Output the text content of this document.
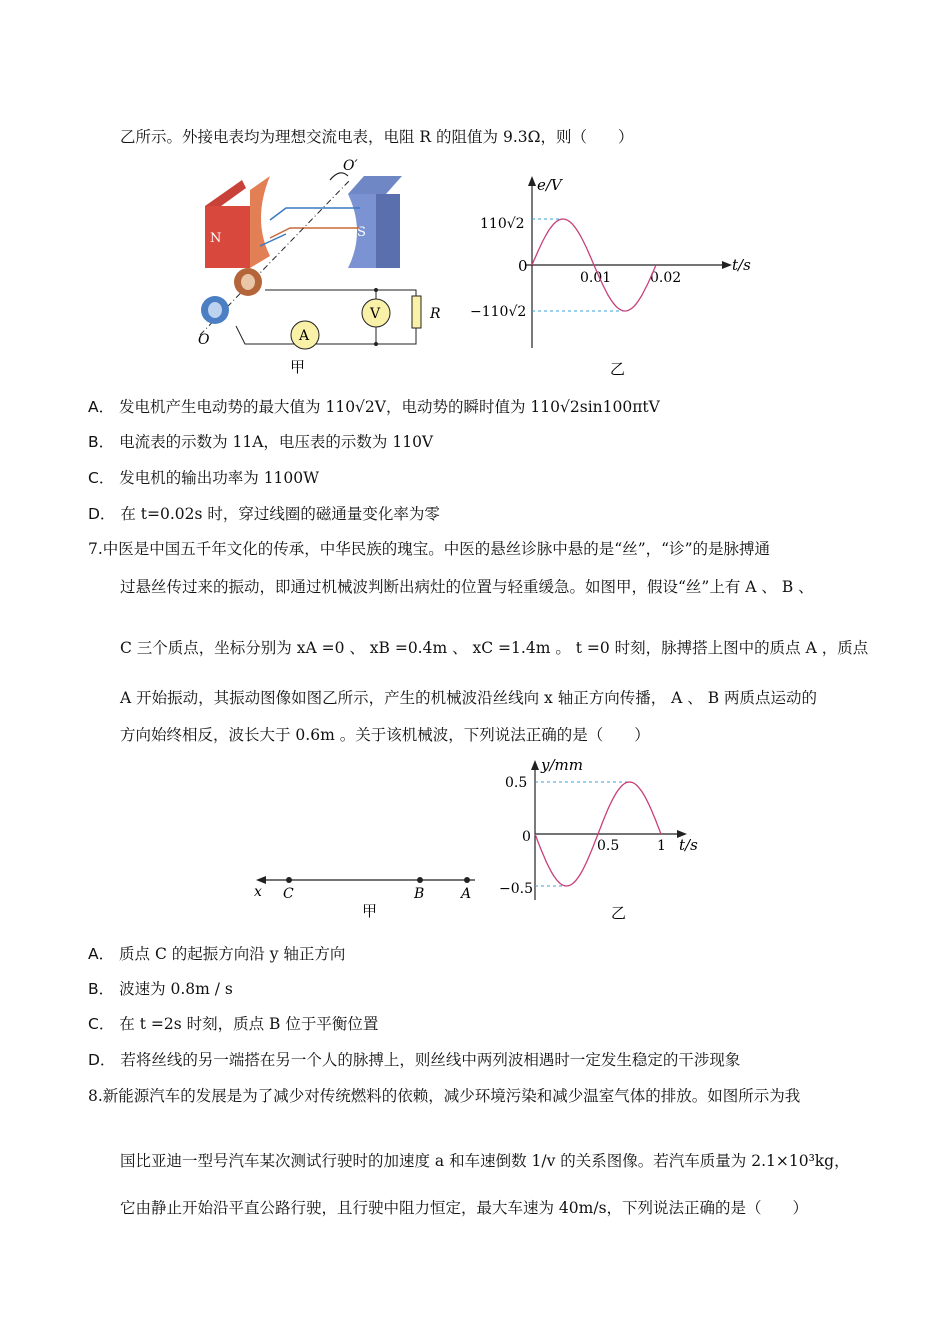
乙所示。外接电表均为理想交流电表，电阻 R 的阻值为 9.3Ω，则（　　）
N	S
O′
O
V	R
A
甲
e/V
t/s
0
110√2
−110√2
0.01	0.02
乙
A． 发电机产生电动势的最大值为 110√2V，电动势的瞬时值为 110√2sin100πtV
B． 电流表的示数为 11A，电压表的示数为 110V
C． 发电机的输出功率为 1100W
D． 在 t=0.02s 时，穿过线圈的磁通量变化率为零
7.中医是中国五千年文化的传承，中华民族的瑰宝。中医的悬丝诊脉中悬的是“丝”，“诊”的是脉搏通
过悬丝传过来的振动，即通过机械波判断出病灶的位置与轻重缓急。如图甲，假设“丝”上有 A 、 B 、
C 三个质点，坐标分别为 xA =0 、 xB =0.4m 、 xC =1.4m 。 t =0 时刻，脉搏搭上图中的质点 A ，质点
A 开始振动，其振动图像如图乙所示，产生的机械波沿丝线向 x 轴正方向传播， A 、 B 两质点运动的
方向始终相反，波长大于 0.6m 。关于该机械波，下列说法正确的是（　　）
x C	B	A
甲
y/mm
t/s
0
0.5
−0.5
0.5	1
乙
A． 质点 C 的起振方向沿 y 轴正方向
B． 波速为 0.8m / s
C． 在 t =2s 时刻，质点 B 位于平衡位置
D． 若将丝线的另一端搭在另一个人的脉搏上，则丝线中两列波相遇时一定发生稳定的干涉现象
8.新能源汽车的发展是为了减少对传统燃料的依赖，减少环境污染和减少温室气体的排放。如图所示为我
国比亚迪一型号汽车某次测试行驶时的加速度 a 和车速倒数 1/v 的关系图像。若汽车质量为 2.1×10³kg，
它由静止开始沿平直公路行驶，且行驶中阻力恒定，最大车速为 40m/s，下列说法正确的是（　　）
